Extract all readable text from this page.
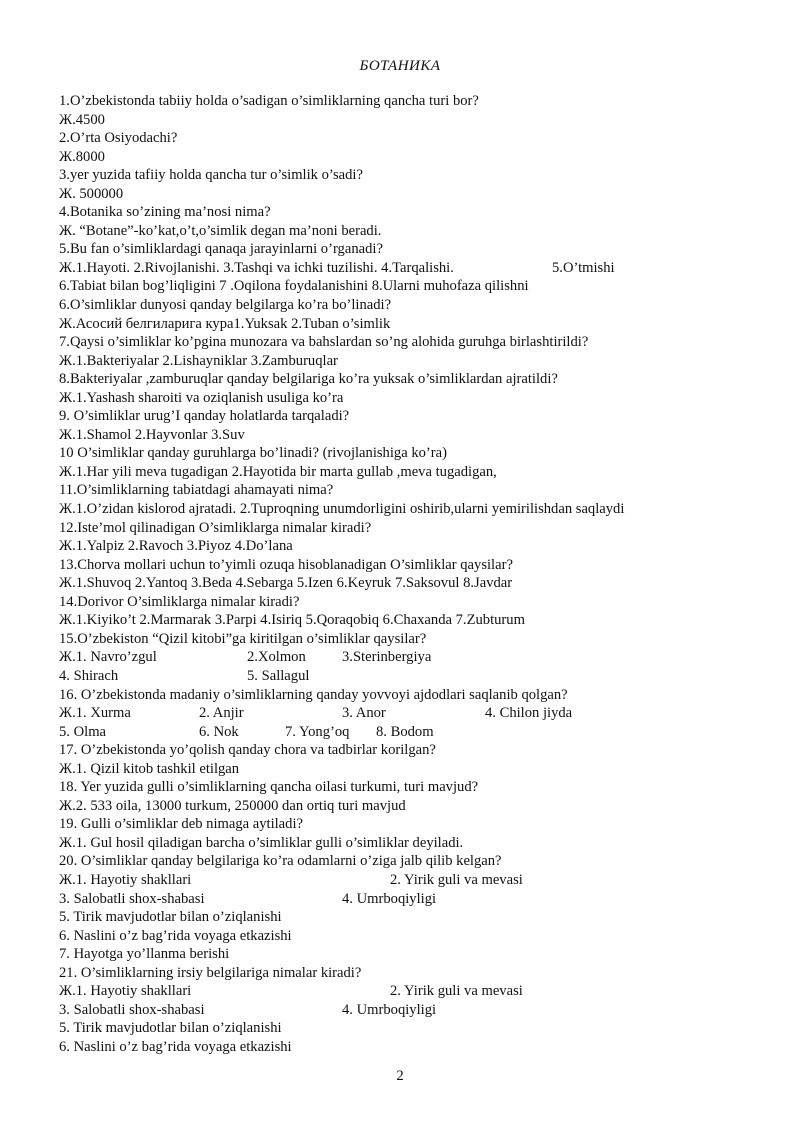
БОТАНИКА
1.O’zbekistonda tabiiy holda o’sadigan o’simliklarning qancha turi bor?
Ж.4500
2.O’rta Osiyodachi?
Ж.8000
3.yer yuzida tafiiy holda qancha tur o’simlik o’sadi?
Ж. 500000
4.Botanika so’zining ma’nosi nima?
Ж. “Botane”-ko’kat,o’t,o’simlik degan ma’noni beradi.
5.Bu fan o’simliklardagi qanaqa jarayinlarni o’rganadi?
Ж.1.Hayoti. 2.Rivojlanishi. 3.Tashqi va ichki tuzilishi. 4.Tarqalishi.	5.O’tmishi
6.Tabiat bilan bog’liqligini 7 .Oqilona foydalanishini 8.Ularni muhofaza qilishni
6.O’simliklar dunyosi qanday belgilarga ko’ra bo’linadi?
Ж.Асосий белгиларига кура1.Yuksak 2.Tuban o’simlik
7.Qaysi o’simliklar ko’pgina munozara va bahslardan so’ng alohida guruhga birlashtirildi?
Ж.1.Bakteriyalar 2.Lishayniklar 3.Zamburuqlar
8.Bakteriyalar ,zamburuqlar qanday belgilariga ko’ra yuksak o’simliklardan ajratildi?
Ж.1.Yashash sharoiti va oziqlanish usuliga ko’ra
9. O’simliklar urug’I qanday holatlarda tarqaladi?
Ж.1.Shamol 2.Hayvonlar 3.Suv
10 O’simliklar qanday guruhlarga bo’linadi? (rivojlanishiga ko’ra)
Ж.1.Har yili meva tugadigan 2.Hayotida bir marta gullab ,meva tugadigan,
11.O’simliklarning tabiatdagi ahamayati nima?
Ж.1.O’zidan kislorod ajratadi. 2.Tuproqning unumdorligini oshirib,ularni yemirilishdan saqlaydi
12.Iste’mol qilinadigan O’simliklarga nimalar kiradi?
Ж.1.Yalpiz 2.Ravoch 3.Piyoz 4.Do’lana
13.Chorva mollari uchun to’yimli ozuqa hisoblanadigan O’simliklar qaysilar?
Ж.1.Shuvoq 2.Yantoq 3.Beda 4.Sebarga 5.Izen 6.Keyruk 7.Saksovul 8.Javdar
14.Dorivor O’simliklarga nimalar kiradi?
Ж.1.Kiyiko’t 2.Marmarak 3.Parpi 4.Isiriq 5.Qoraqobiq 6.Chaxanda 7.Zubturum
15.O’zbekiston “Qizil kitobi”ga kiritilgan o’simliklar qaysilar?
Ж.1. Navro’zgul	2.Xolmon 3.Sterinbergiya
4. Shirach	5. Sallagul
16. O’zbekistonda madaniy o’simliklarning qanday yovvoyi ajdodlari saqlanib qolgan?
Ж.1. Xurma	2. Anjir	3. Anor	4. Chilon jiyda
5. Olma	6. Nok	7. Yong’oq 8. Bodom
17. O’zbekistonda yo’qolish qanday chora va tadbirlar korilgan?
Ж.1. Qizil kitob tashkil etilgan
18. Yer yuzida gulli o’simliklarning qancha oilasi turkumi, turi mavjud?
Ж.2. 533 oila, 13000 turkum, 250000 dan ortiq turi mavjud
19. Gulli o’simliklar deb nimaga aytiladi?
Ж.1. Gul hosil qiladigan barcha o’simliklar gulli o’simliklar deyiladi.
20. O’simliklar qanday belgilariga ko’ra odamlarni o’ziga jalb qilib kelgan?
Ж.1. Hayotiy shakllari	2. Yirik guli va mevasi
3. Salobatli shox-shabasi	4. Umrboqiyligi
5. Tirik mavjudotlar bilan o’ziqlanishi
6. Naslini o’z bag’rida voyaga etkazishi
7. Hayotga yo’llanma berishi
21. O’simliklarning irsiy belgilariga nimalar kiradi?
Ж.1. Hayotiy shakllari	2. Yirik guli va mevasi
3. Salobatli shox-shabasi	4. Umrboqiyligi
5. Tirik mavjudotlar bilan o’ziqlanishi
6. Naslini o’z bag’rida voyaga etkazishi
2
